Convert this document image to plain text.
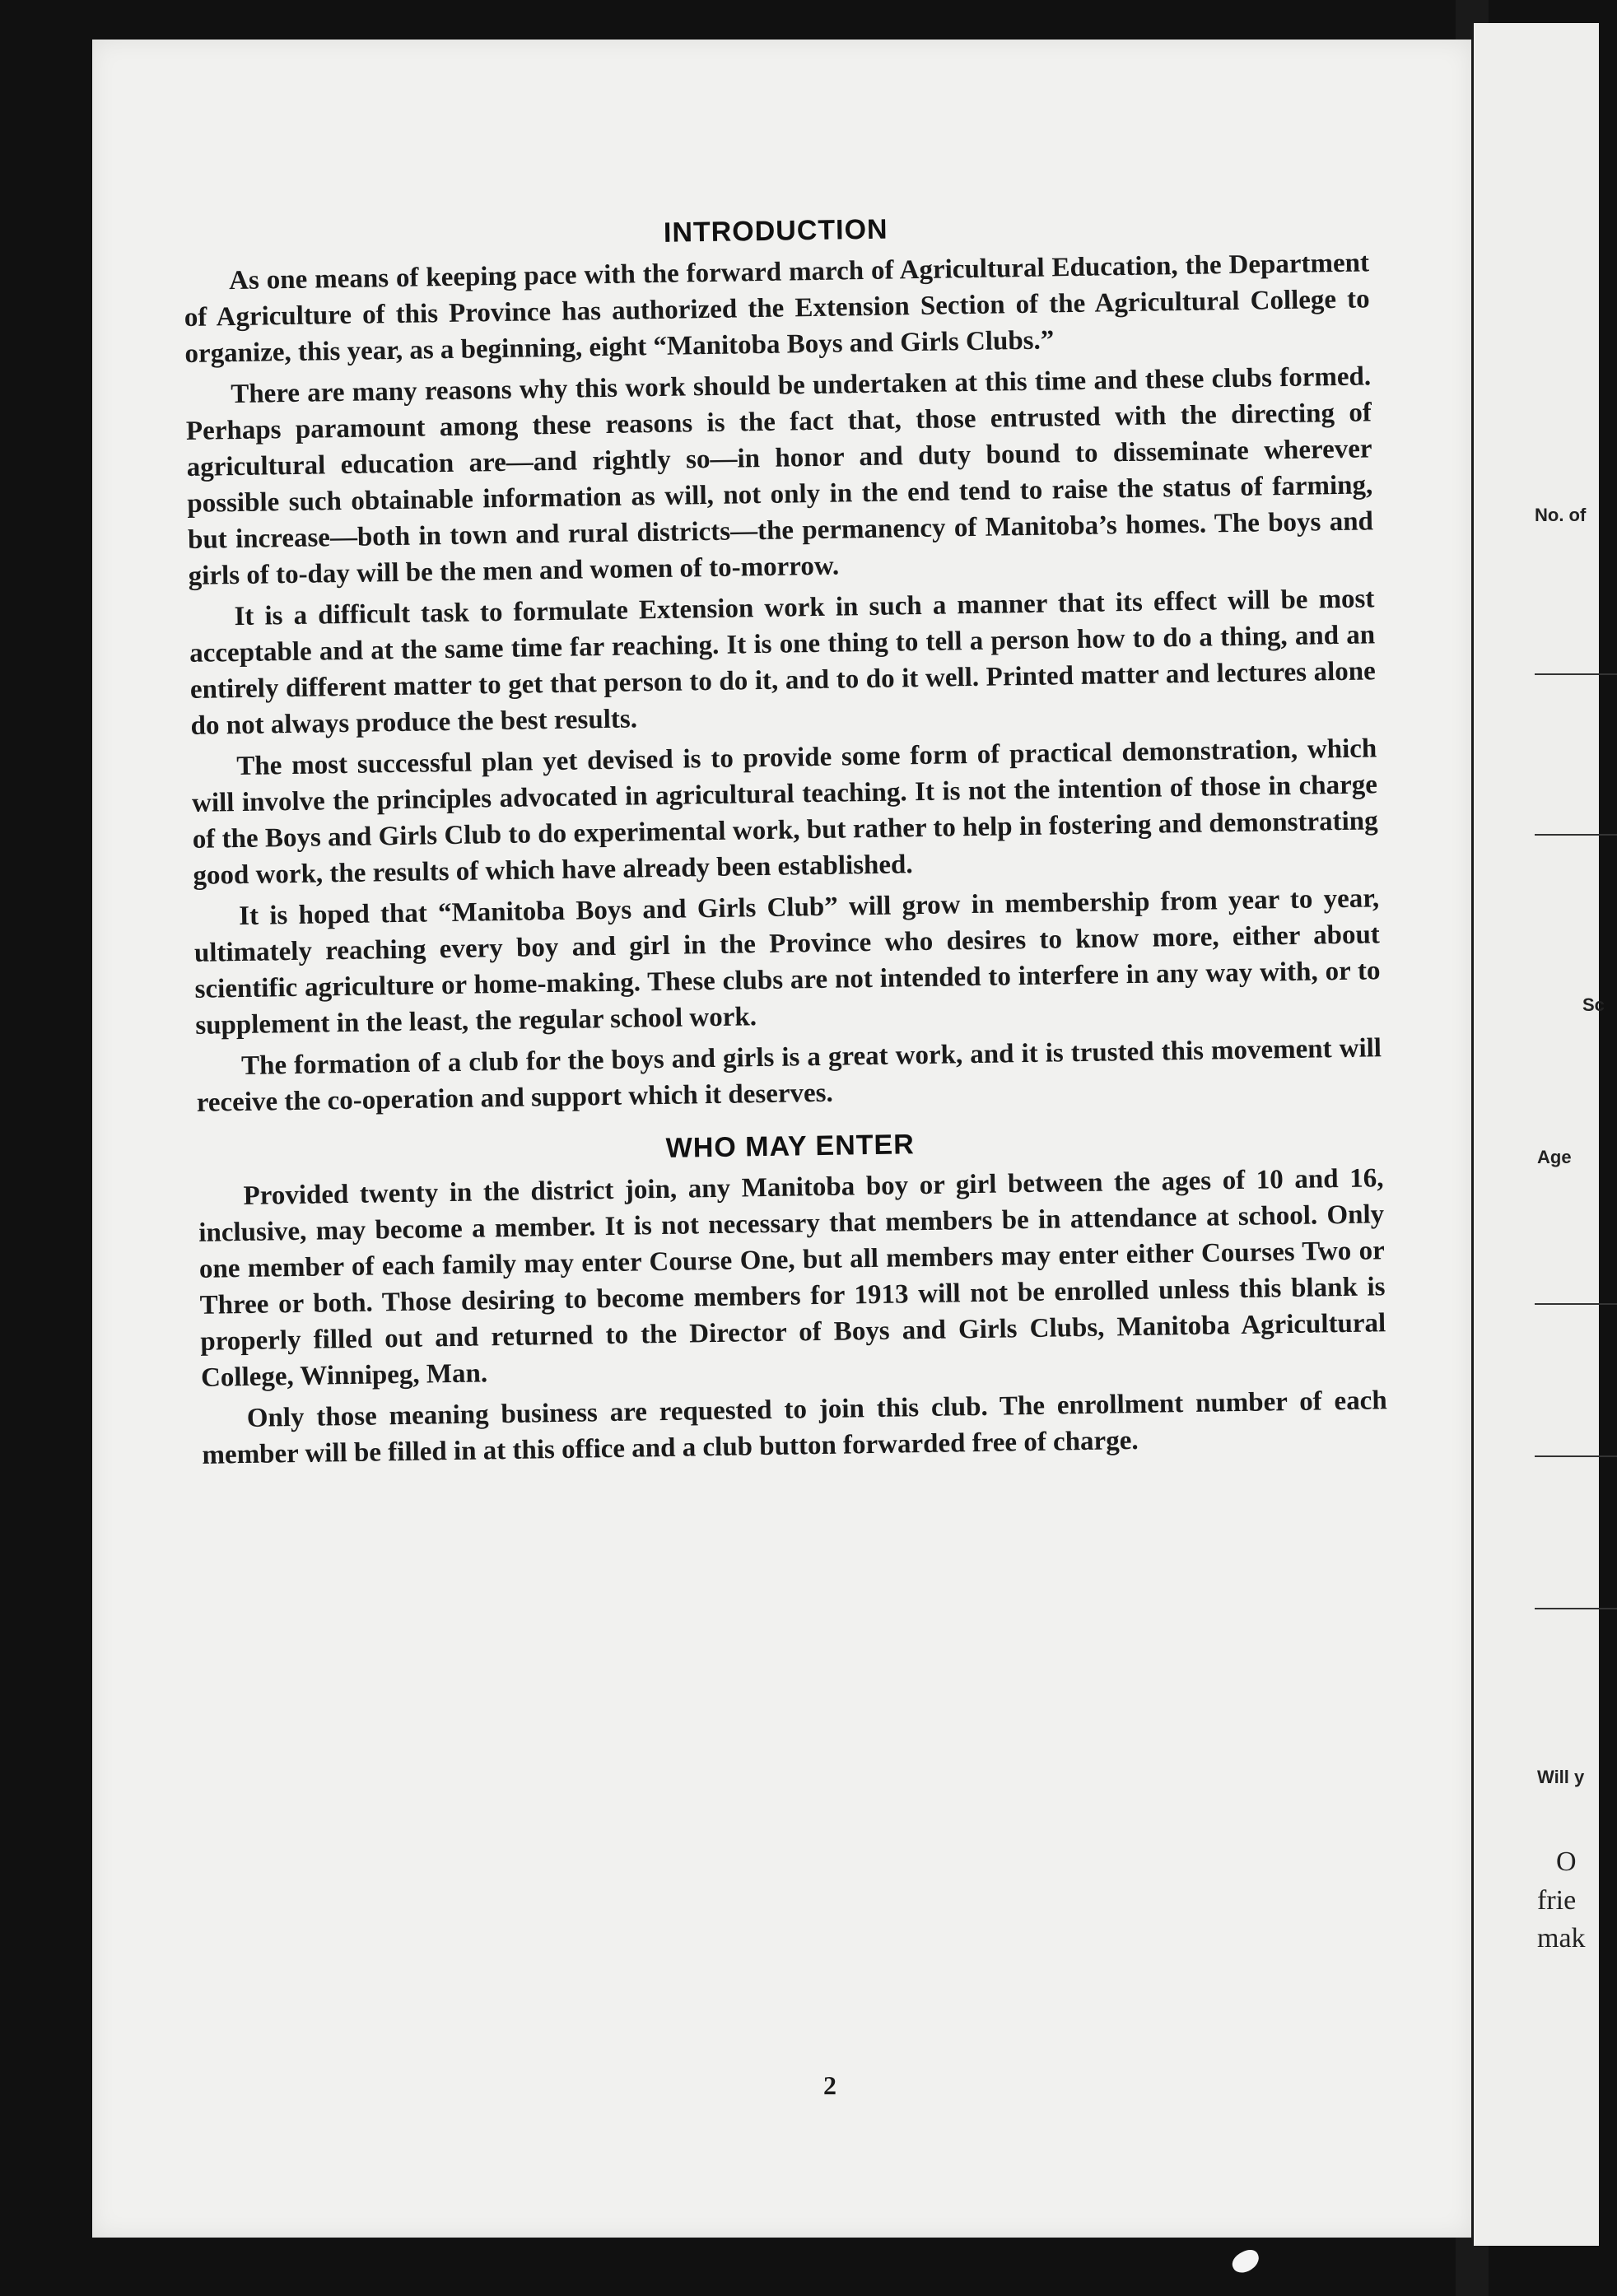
No. of
Sc
Age
Will y
O
frie
mak
INTRODUCTION

As one means of keeping pace with the forward march of Agricultural Education, the Department of Agriculture of this Province has authorized the Extension Section of the Agricultural College to organize, this year, as a beginning, eight “Manitoba Boys and Girls Clubs.”

There are many reasons why this work should be undertaken at this time and these clubs formed. Perhaps paramount among these reasons is the fact that, those entrusted with the directing of agricultural education are—and rightly so—in honor and duty bound to disseminate wherever possible such obtainable information as will, not only in the end tend to raise the status of farming, but increase—both in town and rural districts—the permanency of Manitoba’s homes. The boys and girls of to-day will be the men and women of to-morrow.

It is a difficult task to formulate Extension work in such a manner that its effect will be most acceptable and at the same time far reaching. It is one thing to tell a person how to do a thing, and an entirely different matter to get that person to do it, and to do it well. Printed matter and lectures alone do not always produce the best results.

The most successful plan yet devised is to provide some form of practical demonstration, which will involve the principles advocated in agricultural teaching. It is not the intention of those in charge of the Boys and Girls Club to do experimental work, but rather to help in fostering and demonstrating good work, the results of which have already been established.

It is hoped that “Manitoba Boys and Girls Club” will grow in membership from year to year, ultimately reaching every boy and girl in the Province who desires to know more, either about scientific agriculture or home-making. These clubs are not intended to interfere in any way with, or to supplement in the least, the regular school work.

The formation of a club for the boys and girls is a great work, and it is trusted this movement will receive the co-operation and support which it deserves.

WHO MAY ENTER

Provided twenty in the district join, any Manitoba boy or girl between the ages of 10 and 16, inclusive, may become a member. It is not necessary that members be in attendance at school. Only one member of each family may enter Course One, but all members may enter either Courses Two or Three or both. Those desiring to become members for 1913 will not be enrolled unless this blank is properly filled out and returned to the Director of Boys and Girls Clubs, Manitoba Agricultural College, Winnipeg, Man.

Only those meaning business are requested to join this club. The enrollment number of each member will be filled in at this office and a club button forwarded free of charge.

2
